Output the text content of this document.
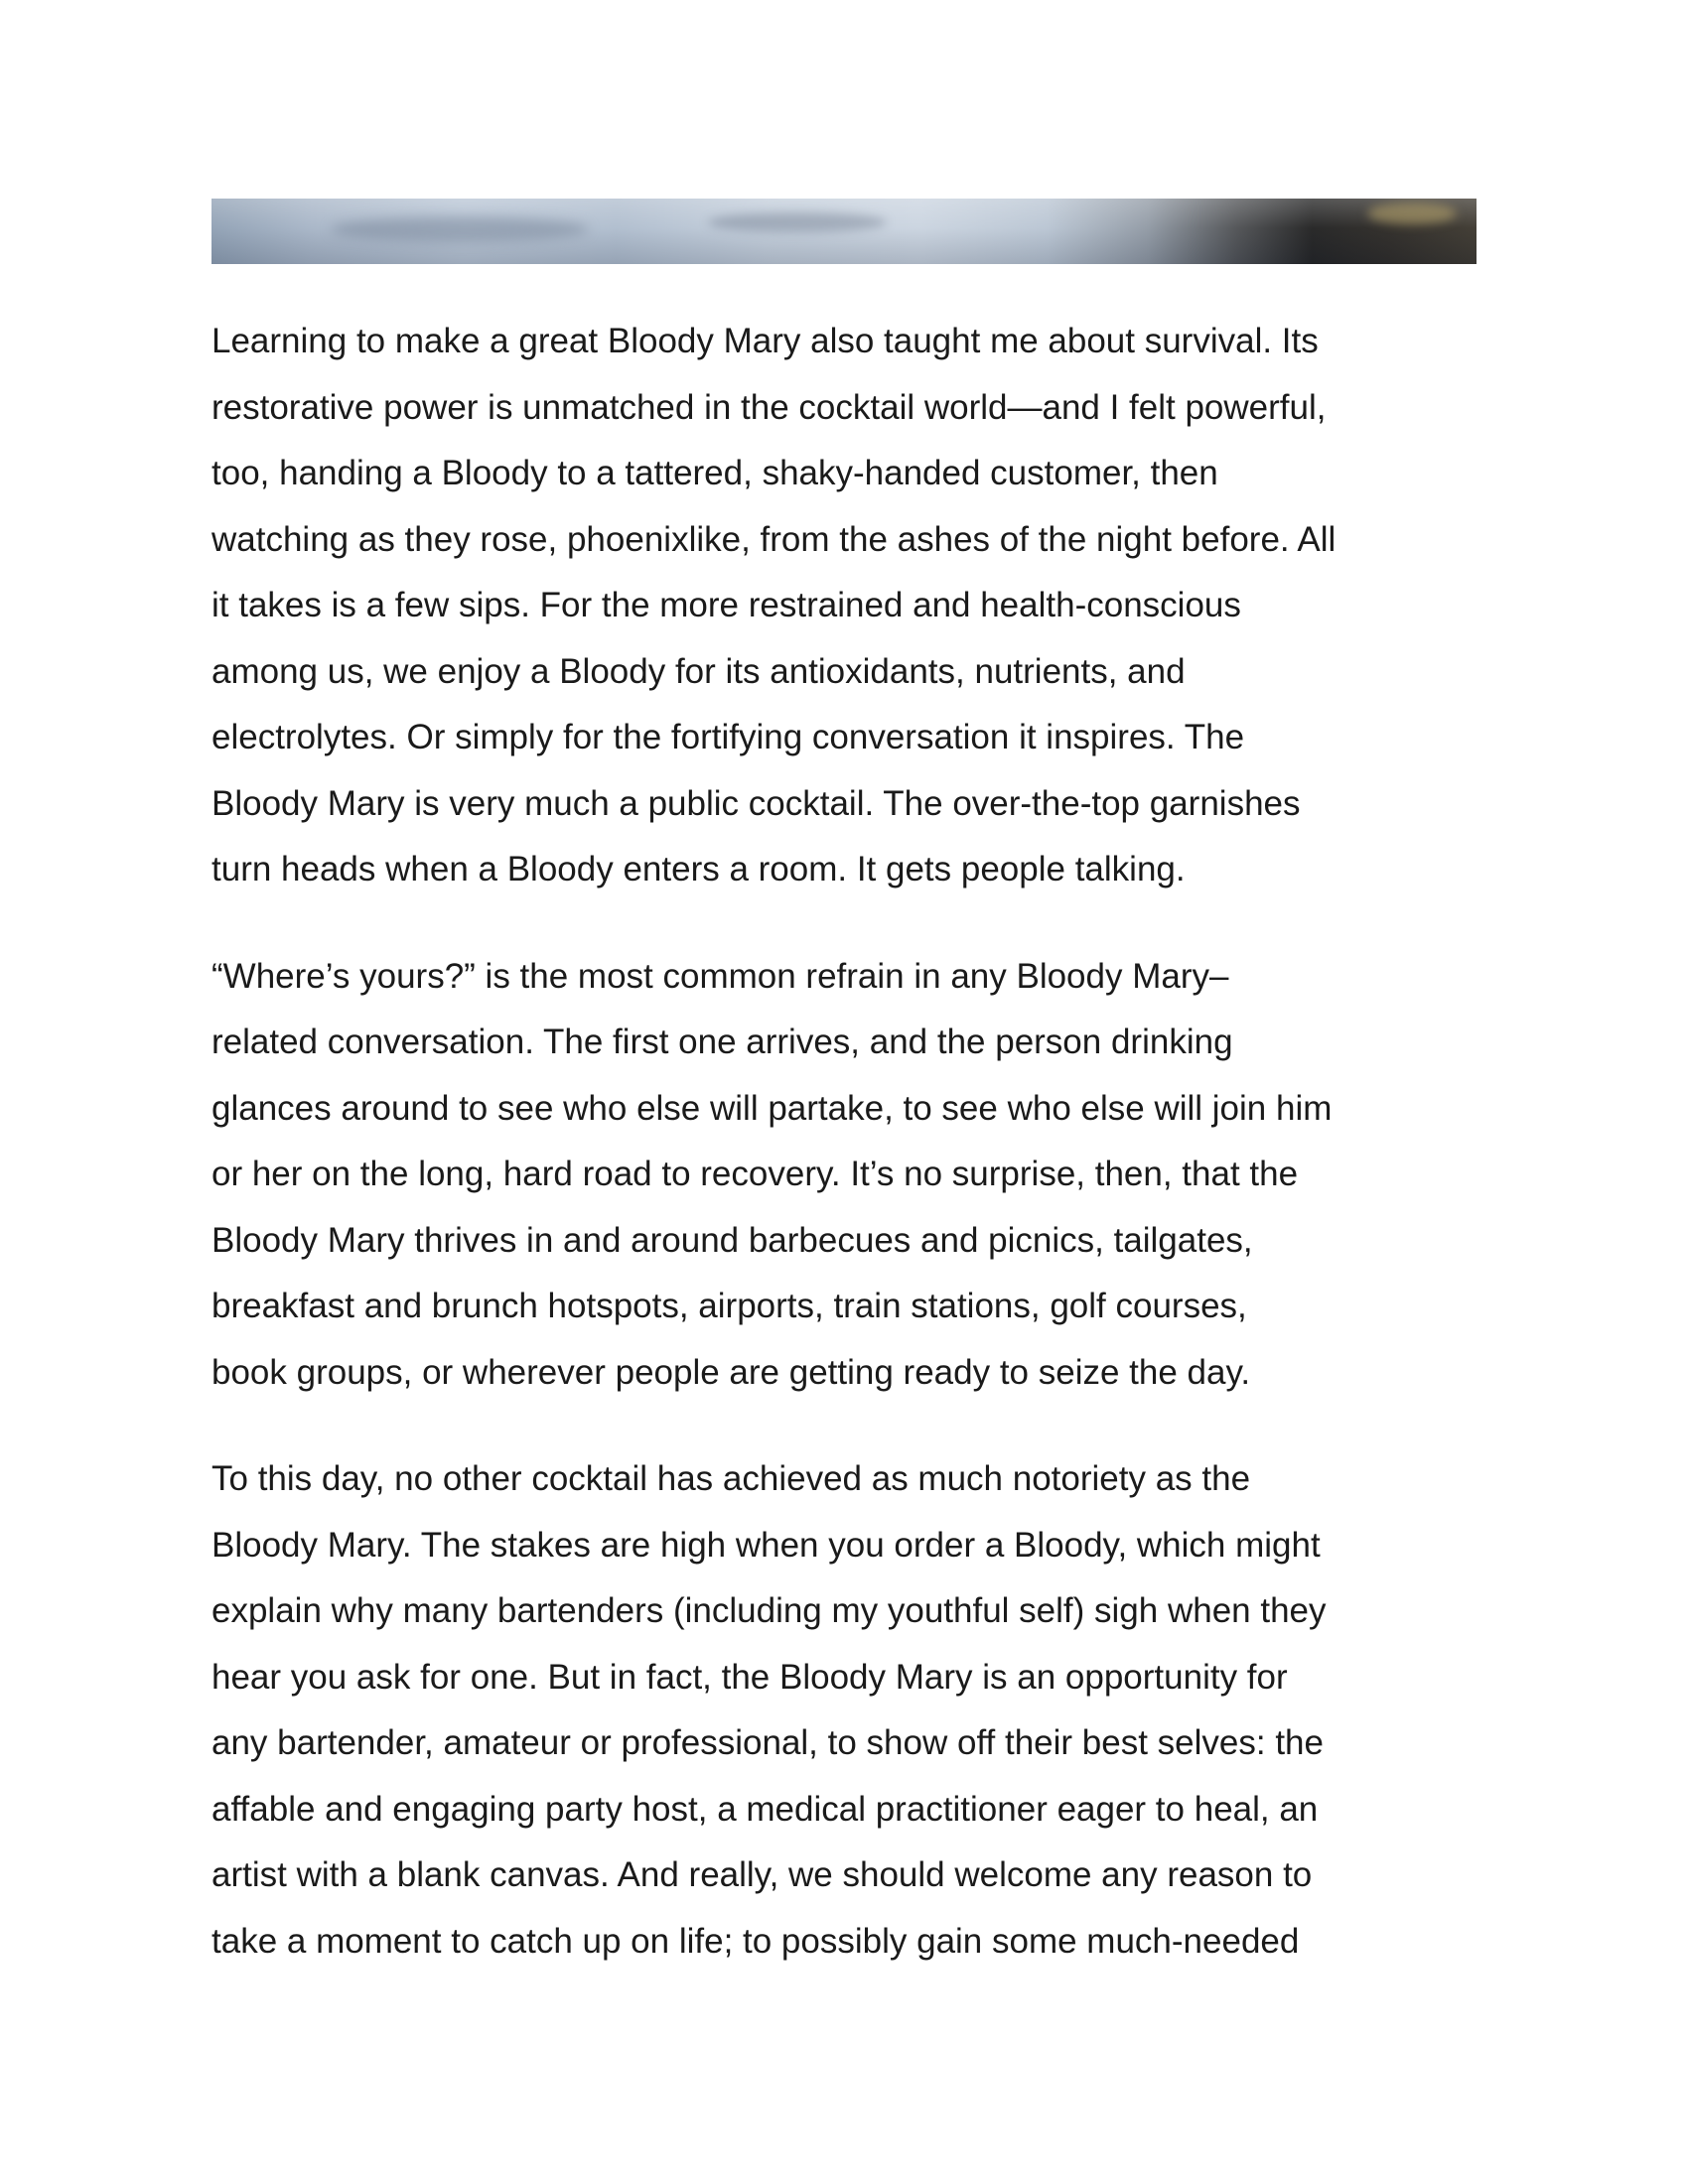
Learning to make a great Bloody Mary also taught me about survival. Its
restorative power is unmatched in the cocktail world—and I felt powerful,
too, handing a Bloody to a tattered, shaky-handed customer, then
watching as they rose, phoenixlike, from the ashes of the night before. All
it takes is a few sips. For the more restrained and health-conscious
among us, we enjoy a Bloody for its antioxidants, nutrients, and
electrolytes. Or simply for the fortifying conversation it inspires. The
Bloody Mary is very much a public cocktail. The over-the-top garnishes
turn heads when a Bloody enters a room. It gets people talking.

“Where’s yours?” is the most common refrain in any Bloody Mary–
related conversation. The first one arrives, and the person drinking
glances around to see who else will partake, to see who else will join him
or her on the long, hard road to recovery. It’s no surprise, then, that the
Bloody Mary thrives in and around barbecues and picnics, tailgates,
breakfast and brunch hotspots, airports, train stations, golf courses,
book groups, or wherever people are getting ready to seize the day.

To this day, no other cocktail has achieved as much notoriety as the
Bloody Mary. The stakes are high when you order a Bloody, which might
explain why many bartenders (including my youthful self) sigh when they
hear you ask for one. But in fact, the Bloody Mary is an opportunity for
any bartender, amateur or professional, to show off their best selves: the
affable and engaging party host, a medical practitioner eager to heal, an
artist with a blank canvas. And really, we should welcome any reason to
take a moment to catch up on life; to possibly gain some much-needed
